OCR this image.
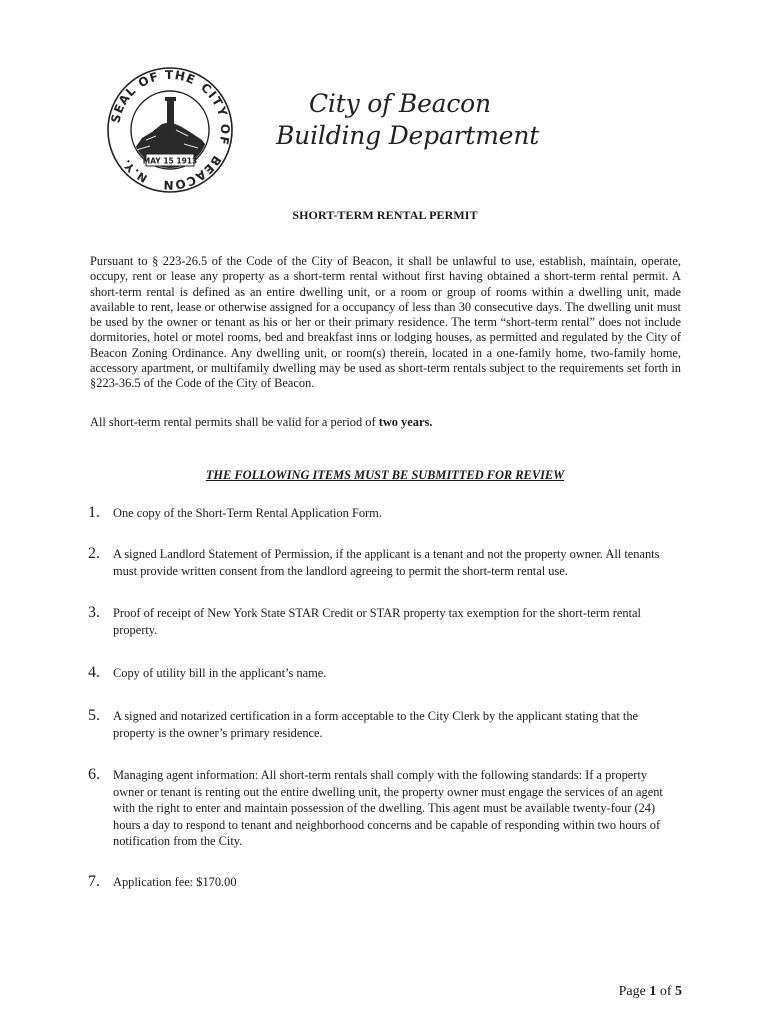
SEAL OF THE
CITY OF
BEACON
N.Y.	MAY 15 1913
City of Beacon
Building Department
SHORT-TERM RENTAL PERMIT

Pursuant to § 223-26.5 of the Code of the City of Beacon, it shall be unlawful to use, establish, maintain, operate, occupy, rent or lease any property as a short-term rental without first having obtained a short-term rental permit. A short-term rental is defined as an entire dwelling unit, or a room or group of rooms within a dwelling unit, made available to rent, lease or otherwise assigned for a occupancy of less than 30 consecutive days. The dwelling unit must be used by the owner or tenant as his or her or their primary residence. The term “short-term rental” does not include dormitories, hotel or motel rooms, bed and breakfast inns or lodging houses, as permitted and regulated by the City of Beacon Zoning Ordinance. Any dwelling unit, or room(s) therein, located in a one-family home, two-family home, accessory apartment, or multifamily dwelling may be used as short-term rentals subject to the requirements set forth in §223-36.5 of the Code of the City of Beacon.

All short-term rental permits shall be valid for a period of two years.

THE FOLLOWING ITEMS MUST BE SUBMITTED FOR REVIEW
1.	One copy of the Short-Term Rental Application Form.
2.	A signed Landlord Statement of Permission, if the applicant is a tenant and not the property owner. All tenants must provide written consent from the landlord agreeing to permit the short-term rental use.
3.	Proof of receipt of New York State STAR Credit or STAR property tax exemption for the short-term rental property.
4.	Copy of utility bill in the applicant’s name.
5.	A signed and notarized certification in a form acceptable to the City Clerk by the applicant stating that the property is the owner’s primary residence.
6.	Managing agent information: All short-term rentals shall comply with the following standards: If a property owner or tenant is renting out the entire dwelling unit, the property owner must engage the services of an agent with the right to enter and maintain possession of the dwelling. This agent must be available twenty-four (24) hours a day to respond to tenant and neighborhood concerns and be capable of responding within two hours of notification from the City.
7.	Application fee: $170.00
Page 1 of 5
